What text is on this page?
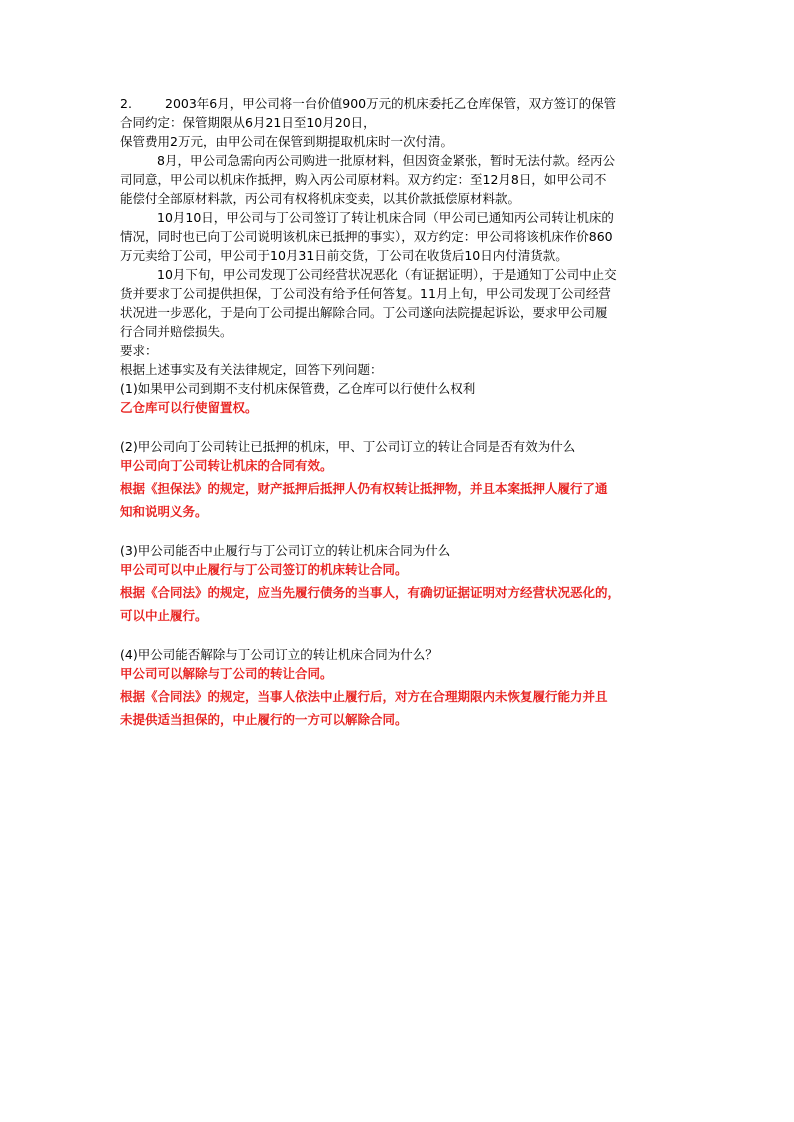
2.	2003年6月，甲公司将一台价值900万元的机床委托乙仓库保管，双方签订的保管
合同约定：保管期限从6月21日至10月20日，
保管费用2万元，由甲公司在保管到期提取机床时一次付清。
8月，甲公司急需向丙公司购进一批原材料，但因资金紧张，暂时无法付款。经丙公
司同意，甲公司以机床作抵押，购入丙公司原材料。双方约定：至12月8日，如甲公司不
能偿付全部原材料款，丙公司有权将机床变卖，以其价款抵偿原材料款。
10月10日，甲公司与丁公司签订了转让机床合同（甲公司已通知丙公司转让机床的
情况，同时也已向丁公司说明该机床已抵押的事实），双方约定：甲公司将该机床作价860
万元卖给丁公司，甲公司于10月31日前交货，丁公司在收货后10日内付清货款。
10月下旬，甲公司发现丁公司经营状况恶化（有证据证明），于是通知丁公司中止交
货并要求丁公司提供担保，丁公司没有给予任何答复。11月上旬，甲公司发现丁公司经营
状况进一步恶化，于是向丁公司提出解除合同。丁公司遂向法院提起诉讼，要求甲公司履
行合同并赔偿损失。
要求：
根据上述事实及有关法律规定，回答下列问题：
(1)如果甲公司到期不支付机床保管费，乙仓库可以行使什么权利
乙仓库可以行使留置权。
(2)甲公司向丁公司转让已抵押的机床，甲、丁公司订立的转让合同是否有效为什么
甲公司向丁公司转让机床的合同有效。
根据《担保法》的规定，财产抵押后抵押人仍有权转让抵押物，并且本案抵押人履行了通
知和说明义务。
(3)甲公司能否中止履行与丁公司订立的转让机床合同为什么
甲公司可以中止履行与丁公司签订的机床转让合同。
根据《合同法》的规定，应当先履行债务的当事人，有确切证据证明对方经营状况恶化的，
可以中止履行。
(4)甲公司能否解除与丁公司订立的转让机床合同为什么？
甲公司可以解除与丁公司的转让合同。
根据《合同法》的规定，当事人依法中止履行后，对方在合理期限内未恢复履行能力并且
未提供适当担保的，中止履行的一方可以解除合同。
